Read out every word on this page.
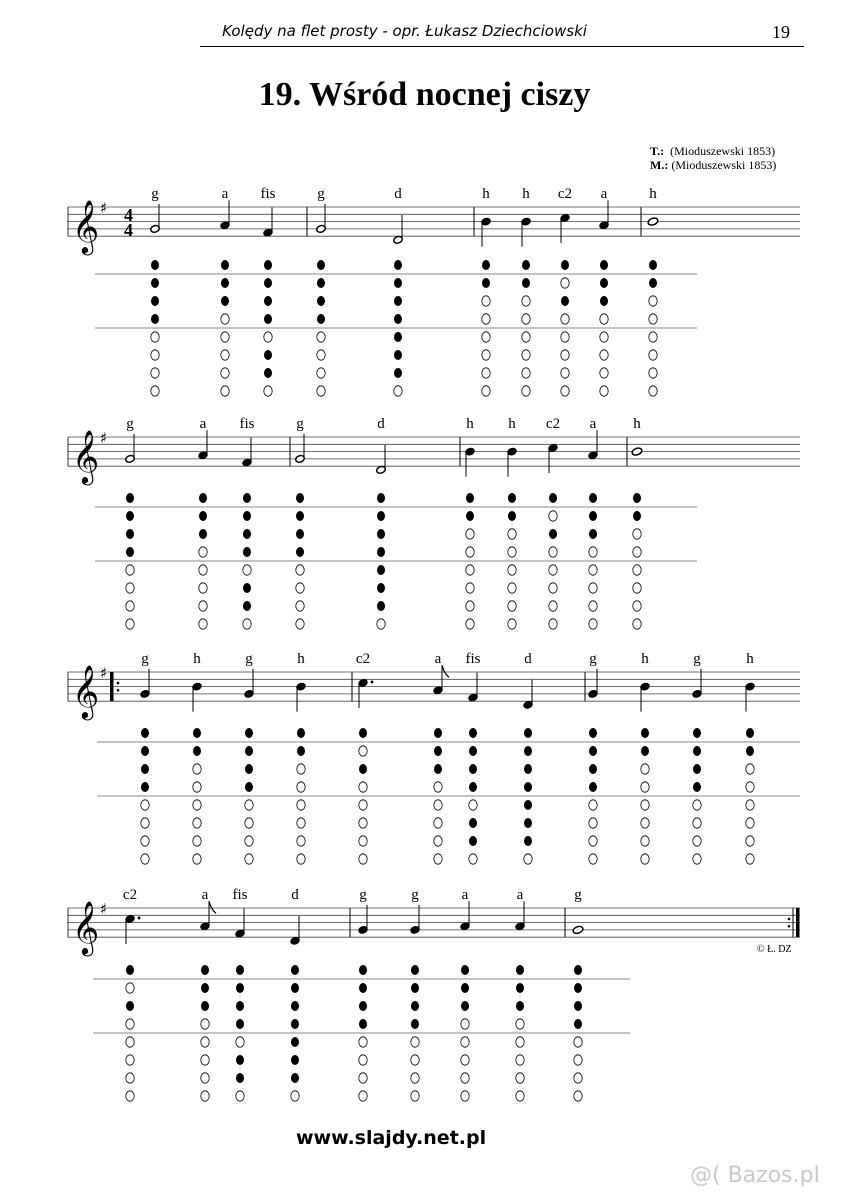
Kolędy na flet prosty - opr. Łukasz Dziechciowski	19
19. Wśród nocnej ciszy
T.: (Mioduszewski 1853)
M.: (Mioduszewski 1853)
© Ł. DZ
www.slajdy.net.pl
@( Bazos.pl
𝄞 ♯ 4
4
g	a fis	g	d	h h c2 a	h
𝄞 ♯
g	a fis	g	d	h h c2 a h
𝄞 ♯
g	h	g	h	c2	a fis	d	g	h	g	h
𝄞 ♯
c2	a fis	d	g	g	a	a	g
